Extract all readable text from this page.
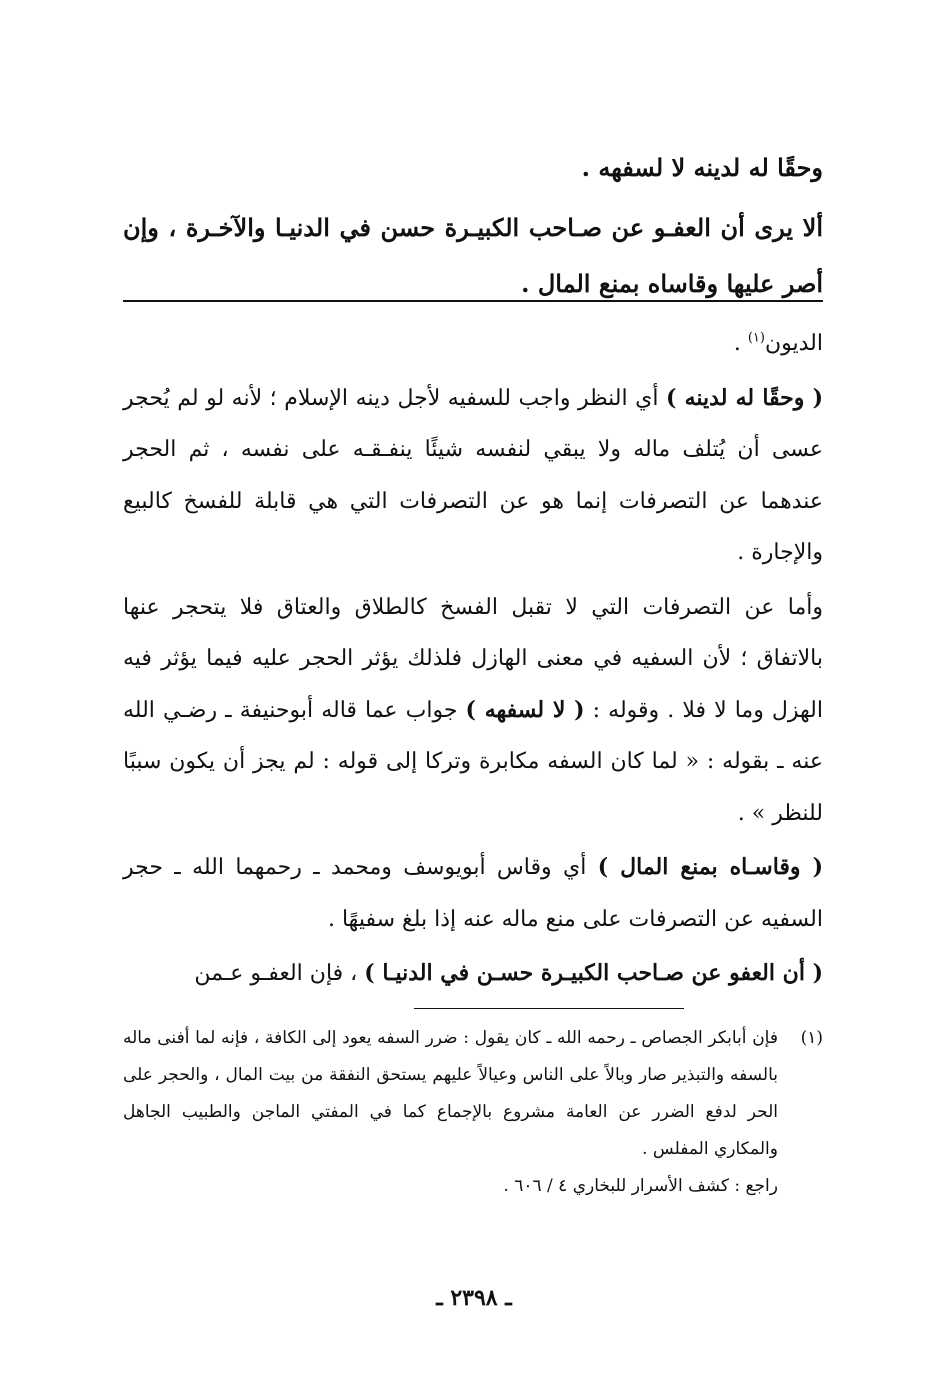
وحقًا له لدينه لا لسفهه .

ألا يرى أن العفـو عن صـاحب الكبيـرة حسن في الدنيـا والآخـرة ، وإن أصر عليها وقاساه بمنع المال .

الديون$^{(١)}$ .

( وحقًا له لدينه ) أي النظر واجب للسفيه لأجل دينه الإسلام ؛ لأنه لو لم يُحجر عسى أن يُتلف ماله ولا يبقي لنفسه شيئًا ينفـقـه على نفسه ، ثم الحجر عندهما عن التصرفات إنما هو عن التصرفات التي هي قابلة للفسخ كالبيع والإجارة .

وأما عن التصرفات التي لا تقبل الفسخ كالطلاق والعتاق فلا يتحجر عنها بالاتفاق ؛ لأن السفيه في معنى الهازل فلذلك يؤثر الحجر عليه فيما يؤثر فيه الهزل وما لا فلا . وقوله : ( لا لسفهه ) جواب عما قاله أبوحنيفة ـ رضـي الله عنه ـ بقوله : « لما كان السفه مكابرة وتركا إلى قوله : لم يجز أن يكون سببًا للنظر » .

( وقاسـاه بمنع المال ) أي وقاس أبويوسف ومحمد ـ رحمهما الله ـ حجر السفيه عن التصرفات على منع ماله عنه إذا بلغ سفيهًا .

( أن العفو عن صـاحب الكبيـرة حسـن في الدنيـا ) ، فإن العفـو عـمن

(١)

فإن أبابكر الجصاص ـ رحمه الله ـ كان يقول : ضرر السفه يعود إلى الكافة ، فإنه لما أفنى ماله بالسفه والتبذير صار وبالاً على الناس وعيالاً عليهم يستحق النفقة من بيت المال ، والحجر على الحر لدفع الضرر عن العامة مشروع بالإجماع كما في المفتي الماجن والطبيب الجاهل والمكاري المفلس .

راجع : كشف الأسرار للبخاري ٤ / ٦٠٦ .

ـ ٢٣٩٨ ـ
